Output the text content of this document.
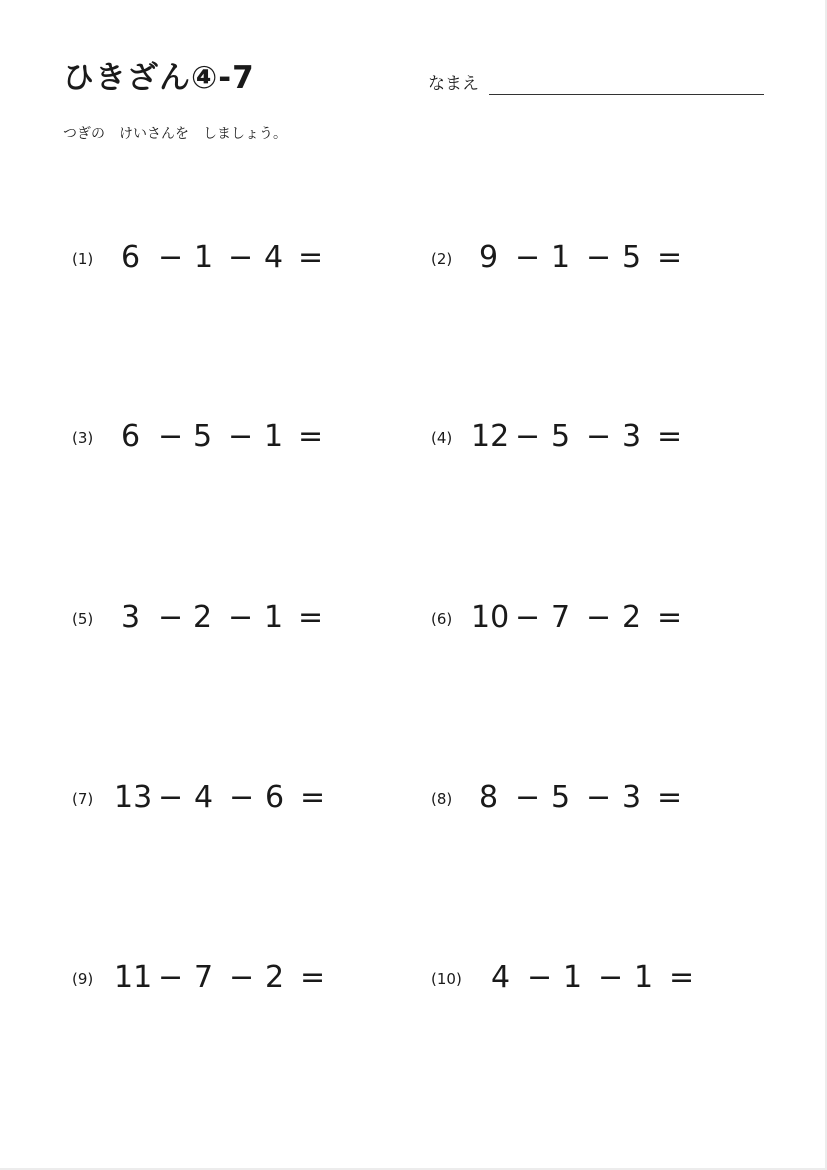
ひきざん④-7	なまえ
つぎの　けいさんを　しましょう。
(1) 6 − 1 − 4 =	(2) 9 − 1 − 5 =
(3) 6 − 5 − 1 =	(4) 12 − 5 − 3 =
(5) 3 − 2 − 1 =	(6) 10 − 7 − 2 =
(7) 13 − 4 − 6 =	(8) 8 − 5 − 3 =
(9) 11 − 7 − 2 =	(10) 4 − 1 − 1 =
